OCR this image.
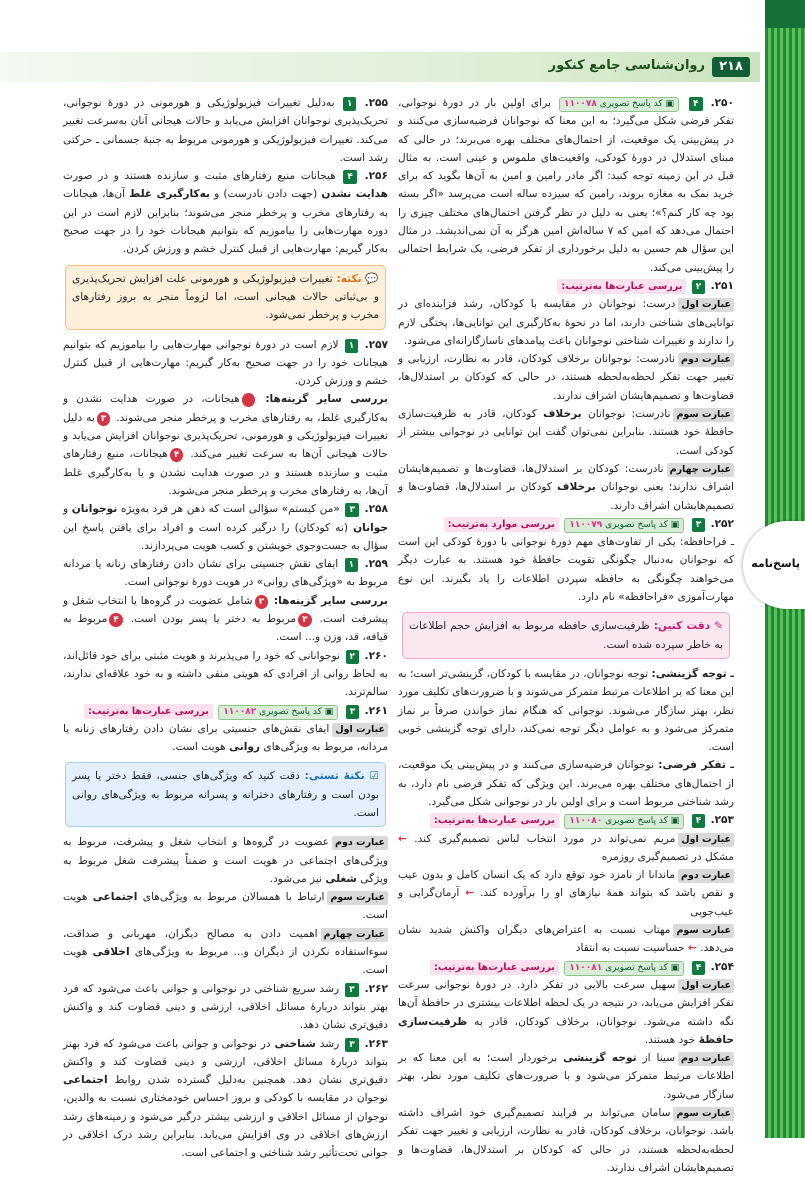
روان‌شناسی جامع کنکور	۲۱۸
پاسخ‌نامه

۲۵۰. ۴ ▣ کد پاسخ تصویری ۱۱۰۰۷۸ برای اولین بار در دورهٔ نوجوانی، تفکر فرضی شکل می‌گیرد؛ به این معنا که نوجوانان فرضیه‌سازی می‌کنند و در پیش‌بینی یک موقعیت، از احتمال‌های مختلف بهره می‌برند؛ در حالی که مبنای استدلال در دورهٔ کودکی، واقعیت‌های ملموس و عینی است. به مثال قبل در این زمینه توجه کنید: اگر مادر رامین و امین به آن‌ها بگوید که برای خرید نمک به مغازه بروند، رامین که سیزده ساله است می‌پرسد «اگر بسته بود چه کار کنم؟»؛ یعنی به دلیل در نظر گرفتن احتمال‌های مختلف چیزی را احتمال می‌دهد که امین که ۷ ساله‌اش امین هرگز به آن نمی‌اندیشد. در مثال این سؤال هم حسین به دلیل برخورداری از تفکر فرضی، یک شرایط احتمالی را پیش‌بینی می‌کند.

۲۵۱. ۲ بررسی عبارت‌ها به‌ترتیب:

عبارت اولدرست: نوجوانان در مقایسه با کودکان، رشد فزاینده‌ای در توانایی‌های شناختی دارند، اما در نحوهٔ به‌کارگیری این توانایی‌ها، پختگی لازم را ندارند و تغییرات شناختی نوجوانان باعث پیامدهای ناسازگارانه‌ای می‌شود.

عبارت دومنادرست: نوجوانان برخلاف کودکان، قادر به نظارت، ارزیابی و تغییر جهت تفکر لحظه‌به‌لحظه هستند، در حالی که کودکان بر استدلال‌ها، قضاوت‌ها و تصمیم‌هایشان اشراف ندارند.

عبارت سومنادرست: نوجوانان برخلاف کودکان، قادر به ظرفیت‌سازی حافظهٔ خود هستند. بنابراین نمی‌توان گفت این توانایی در نوجوانی بیشتر از کودکی است.

عبارت چهارمنادرست: کودکان بر استدلال‌ها، قضاوت‌ها و تصمیم‌هایشان اشراف ندارند؛ یعنی نوجوانان برخلاف کودکان بر استدلال‌ها، قضاوت‌ها و تصمیم‌هایشان اشراف دارند.

۲۵۲. ۳ ▣ کد پاسخ تصویری ۱۱۰۰۷۹ بررسی موارد به‌ترتیب:

ـ فراحافظه: یکی از تفاوت‌های مهم دورهٔ نوجوانی با دورهٔ کودکی این است که نوجوانان به‌دنبال چگونگی تقویت حافظهٔ خود هستند. به عبارت دیگر می‌خواهند چگونگی به حافظه سپردن اطلاعات را یاد بگیرند. این نوع مهارت‌آموزی «فراحافظه» نام دارد.

✎ دقت کنین: ظرفیت‌سازی حافظه مربوط به افزایش حجم اطلاعات به خاطر سپرده شده است.

ـ توجه گزینشی: توجه نوجوانان، در مقایسه با کودکان، گزینشی‌تر است؛ به این معنا که بر اطلاعات مرتبط متمرکز می‌شوند و با ضرورت‌های تکلیف مورد نظر، بهتر سازگار می‌شوند. نوجوانی که هنگام نماز خواندن صرفاً بر نماز متمرکز می‌شود و به عوامل دیگر توجه نمی‌کند، دارای توجه گزینشی خوبی است.

ـ تفکر فرضی: نوجوانان فرضیه‌سازی می‌کنند و در پیش‌بینی یک موقعیت، از احتمال‌های مختلف بهره می‌برند. این ویژگی که تفکر فرضی نام دارد، به رشد شناختی مربوط است و برای اولین بار در نوجوانی شکل می‌گیرد.

۲۵۳. ۴ ▣ کد پاسخ تصویری ۱۱۰۰۸۰ بررسی عبارت‌ها به‌ترتیب:

عبارت اولمریم نمی‌تواند در مورد انتخاب لباس تصمیم‌گیری کند. ← مشکل در تصمیم‌گیری روزمره

عبارت دومماندانا از نامزد خود توقع دارد که یک انسان کامل و بدون عیب و نقص باشد که بتواند همهٔ نیازهای او را برآورده کند. ← آرمان‌گرایی و عیب‌جویی

عبارت سوممهتاب نسبت به اعتراض‌های دیگران واکنش شدید نشان می‌دهد. ← حساسیت نسبت به انتقاد

۲۵۴. ۴ ▣ کد پاسخ تصویری ۱۱۰۰۸۱ بررسی عبارت‌ها به‌ترتیب:

عبارت اولسهیل سرعت بالایی در تفکر دارد. در دورهٔ نوجوانی سرعت تفکر افزایش می‌یابد، در نتیجه در یک لحظه اطلاعات بیشتری در حافظهٔ آن‌ها نگه داشته می‌شود. نوجوانان، برخلاف کودکان، قادر به ظرفیت‌سازی حافظهٔ خود هستند.

عبارت دومسینا از توجه گزینشی برخوردار است؛ به این معنا که بر اطلاعات مرتبط متمرکز می‌شود و با ضرورت‌های تکلیف مورد نظر، بهتر سازگار می‌شود.

عبارت سومسامان می‌تواند بر فرایند تصمیم‌گیری خود اشراف داشته باشد. نوجوانان، برخلاف کودکان، قادر به نظارت، ارزیابی و تغییر جهت تفکر لحظه‌به‌لحظه هستند، در حالی که کودکان بر استدلال‌ها، قضاوت‌ها و تصمیم‌هایشان اشراف ندارند.

۲۵۵. ۱ به‌دلیل تغییرات فیزیولوژیکی و هورمونی در دورهٔ نوجوانی، تحریک‌پذیری نوجوانان افزایش می‌یابد و حالات هیجانی آنان به‌سرعت تغییر می‌کند. تغییرات فیزیولوژیکی و هورمونی مربوط به جنبهٔ جسمانی ـ حرکتی رشد است.

۲۵۶. ۴ هیجانات منبع رفتارهای مثبت و سازنده هستند و در صورت هدایت نشدن (جهت دادن نادرست) و به‌کارگیری غلط آن‌ها، هیجانات به رفتارهای مخرب و پرخطر منجر می‌شوند؛ بنابراین لازم است در این دوره مهارت‌هایی را بیاموزیم که بتوانیم هیجانات خود را در جهت صحیح به‌کار گیریم: مهارت‌هایی از قبیل کنترل خشم و ورزش کردن.

💬 نکته: تغییرات فیزیولوژیکی و هورمونی علت افزایش تحریک‌پذیری و بی‌ثباتی حالات هیجانی است، اما لزوماً منجر به بروز رفتارهای مخرب و پرخطر نمی‌شود.

۲۵۷. ۱ لازم است در دورهٔ نوجوانی مهارت‌هایی را بیاموزیم که بتوانیم هیجانات خود را در جهت صحیح به‌کار گیریم: مهارت‌هایی از قبیل کنترل خشم و ورزش کردن.

بررسی سایر گزینه‌ها: ۲هیجانات، در صورت هدایت نشدن و به‌کارگیری غلط، به رفتارهای مخرب و پرخطر منجر می‌شوند. ۳به دلیل تغییرات فیزیولوژیکی و هورمونی، تحریک‌پذیری نوجوانان افزایش می‌یابد و حالات هیجانی آن‌ها به سرعت تغییر می‌کند. ۴هیجانات، منبع رفتارهای مثبت و سازنده هستند و در صورت هدایت نشدن و یا به‌کارگیری غلط آن‌ها، به رفتارهای مخرب و پرخطر منجر می‌شوند.

۲۵۸. ۳ «من کیستم» سؤالی است که ذهن هر فرد به‌ویژه نوجوانان و جوانان (نه کودکان) را درگیر کرده است و افراد برای یافتن پاسخ این سؤال به جست‌وجوی خویشتن و کسب هویت می‌پردازند.

۲۵۹. ۱ ایفای نقش جنسیتی برای نشان دادن رفتارهای زنانه یا مردانه مربوط به «ویژگی‌های روانی» در هویت دورهٔ نوجوانی است.

بررسی سایر گزینه‌ها: ۲شامل عضویت در گروه‌ها یا انتخاب شغل و پیشرفت است. ۳مربوط به دختر یا پسر بودن است. ۴مربوط به قیافه، قد، وزن و... است.

۲۶۰. ۲ نوجوانانی که خود را می‌پذیرند و هویت مثبتی برای خود قائل‌اند، به لحاظ روانی از افرادی که هویتی منفی داشته و به خود علاقه‌ای ندارند، سالم‌ترند.

۲۶۱. ۳ ▣ کد پاسخ تصویری ۱۱۰۰۸۲ بررسی عبارت‌ها به‌ترتیب:

عبارت اولایفای نقش‌های جنسیتی برای نشان دادن رفتارهای زنانه یا مردانه، مربوط به ویژگی‌های روانی هویت است.

☑ نکتهٔ تستی: دقت کنید که ویژگی‌های جنسی، فقط دختر یا پسر بودن است و رفتارهای دخترانه و پسرانه مربوط به ویژگی‌های روانی است.

عبارت دومعضویت در گروه‌ها و انتخاب شغل و پیشرفت، مربوط به ویژگی‌های اجتماعی در هویت است و ضمناً پیشرفت شغل مربوط به ویژگی شغلی نیز می‌شود.

عبارت سومارتباط با همسالان مربوط به ویژگی‌های اجتماعی هویت است.

عبارت چهارماهمیت دادن به مصالح دیگران، مهربانی و صداقت، سوءاستفاده نکردن از دیگران و... مربوط به ویژگی‌های اخلاقی هویت است.

۲۶۲. ۳ رشد سریع شناختی در نوجوانی و جوانی باعث می‌شود که فرد بهتر بتواند دربارهٔ مسائل اخلاقی، ارزشی و دینی قضاوت کند و واکنش دقیق‌تری نشان دهد.

۲۶۳. ۳ رشد شناختی در نوجوانی و جوانی باعث می‌شود که فرد بهتر بتواند دربارهٔ مسائل اخلاقی، ارزشی و دینی قضاوت کند و واکنش دقیق‌تری نشان دهد. همچنین به‌دلیل گسترده شدن روابط اجتماعی نوجوان در مقایسه با کودکی و بروز احساس خودمختاری نسبت به والدین، نوجوان از مسائل اخلاقی و ارزشی بیشتر درگیر می‌شود و زمینه‌های رشد ارزش‌های اخلاقی در وی افزایش می‌یابد. بنابراین رشد درک اخلاقی در جوانی تحت‌تأثیر رشد شناختی و اجتماعی است.
